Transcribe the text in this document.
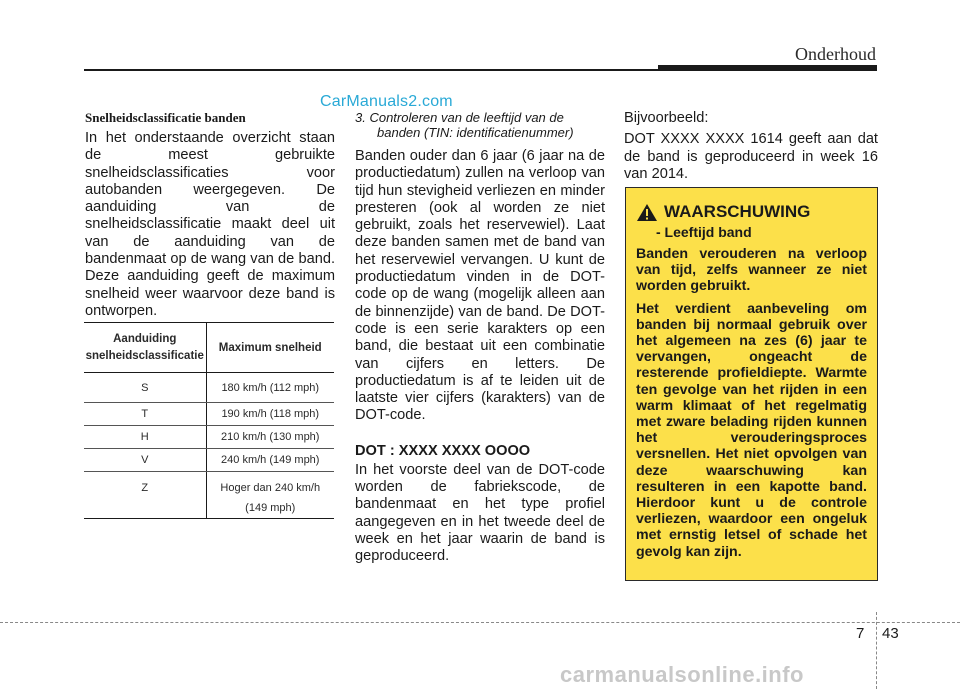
Onderhoud
CarManuals2.com
Snelheidsclassificatie banden
In het onderstaande overzicht staan de meest gebruikte snelheidsclassificaties voor autobanden weergegeven. De aanduiding van de snelheidsclassificatie maakt deel uit van de aanduiding van de bandenmaat op de wang van de band. Deze aanduiding geeft de maximum snelheid weer waarvoor deze band is ontworpen.
Aanduiding
snelheidsclassificatie	Maximum snelheid
S	180 km/h (112 mph)
T	190 km/h (118 mph)
H	210 km/h (130 mph)
V	240 km/h (149 mph)
Z	Hoger dan 240 km/h
(149 mph)
3. Controleren van de leeftijd van de
banden (TIN: identificatienummer)
Banden ouder dan 6 jaar (6 jaar na de productiedatum) zullen na verloop van tijd hun stevigheid verliezen en minder presteren (ook al worden ze niet gebruikt, zoals het reservewiel). Laat deze banden samen met de band van het reservewiel vervangen. U kunt de productiedatum vinden in de DOT-code op de wang (mogelijk alleen aan de binnenzijde) van de band. De DOT-code is een serie karakters op een band, die bestaat uit een combinatie van cijfers en letters. De productiedatum is af te leiden uit de laatste vier cijfers (karakters) van de DOT-code.
DOT : XXXX XXXX OOOO
In het voorste deel van de DOT-code worden de fabriekscode, de bandenmaat en het type profiel aangegeven en in het tweede deel de week en het jaar waarin de band is geproduceerd.
Bijvoorbeeld:
DOT XXXX XXXX 1614 geeft aan dat de band is geproduceerd in week 16 van 2014.
WAARSCHUWING
- Leeftijd band
Banden verouderen na verloop van tijd, zelfs wanneer ze niet worden gebruikt.
Het verdient aanbeveling om banden bij normaal gebruik over het algemeen na zes (6) jaar te vervangen, ongeacht de resterende profieldiepte. Warmte ten gevolge van het rijden in een warm klimaat of het regelmatig met zware belading rijden kunnen het verouderingsproces versnellen. Het niet opvolgen van deze waarschuwing kan resulteren in een kapotte band. Hierdoor kunt u de controle verliezen, waardoor een ongeluk met ernstig letsel of schade het gevolg kan zijn.
7 43
carmanualsonline.info
